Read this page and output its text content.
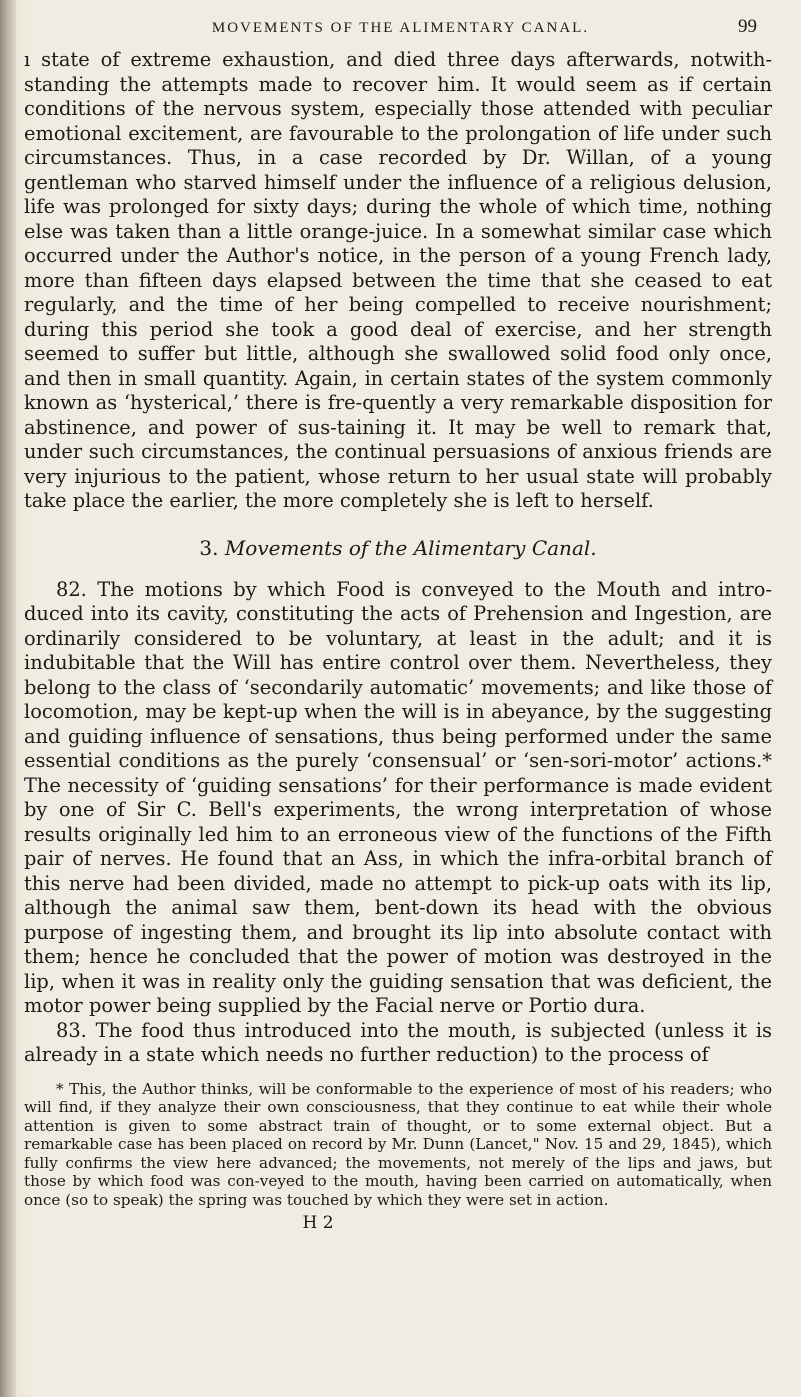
MOVEMENTS OF THE ALIMENTARY CANAL.	99

ı state of extreme exhaustion, and died three days afterwards, notwith-standing the attempts made to recover him. It would seem as if certain conditions of the nervous system, especially those attended with peculiar emotional excitement, are favourable to the prolongation of life under such circumstances. Thus, in a case recorded by Dr. Willan, of a young gentleman who starved himself under the influence of a religious delusion, life was prolonged for sixty days; during the whole of which time, nothing else was taken than a little orange-juice. In a somewhat similar case which occurred under the Author's notice, in the person of a young French lady, more than fifteen days elapsed between the time that she ceased to eat regularly, and the time of her being compelled to receive nourishment; during this period she took a good deal of exercise, and her strength seemed to suffer but little, although she swallowed solid food only once, and then in small quantity. Again, in certain states of the system commonly known as ‘hysterical,’ there is fre-quently a very remarkable disposition for abstinence, and power of sus-taining it. It may be well to remark that, under such circumstances, the continual persuasions of anxious friends are very injurious to the patient, whose return to her usual state will probably take place the earlier, the more completely she is left to herself.

3. Movements of the Alimentary Canal.

82. The motions by which Food is conveyed to the Mouth and intro-duced into its cavity, constituting the acts of Prehension and Ingestion, are ordinarily considered to be voluntary, at least in the adult; and it is indubitable that the Will has entire control over them. Nevertheless, they belong to the class of ‘secondarily automatic’ movements; and like those of locomotion, may be kept-up when the will is in abeyance, by the suggesting and guiding influence of sensations, thus being performed under the same essential conditions as the purely ‘consensual’ or ‘sen-sori-motor’ actions.* The necessity of ‘guiding sensations’ for their performance is made evident by one of Sir C. Bell's experiments, the wrong interpretation of whose results originally led him to an erroneous view of the functions of the Fifth pair of nerves. He found that an Ass, in which the infra-orbital branch of this nerve had been divided, made no attempt to pick-up oats with its lip, although the animal saw them, bent-down its head with the obvious purpose of ingesting them, and brought its lip into absolute contact with them; hence he concluded that the power of motion was destroyed in the lip, when it was in reality only the guiding sensation that was deficient, the motor power being supplied by the Facial nerve or Portio dura.

83. The food thus introduced into the mouth, is subjected (unless it is already in a state which needs no further reduction) to the process of

* This, the Author thinks, will be conformable to the experience of most of his readers; who will find, if they analyze their own consciousness, that they continue to eat while their whole attention is given to some abstract train of thought, or to some external object. But a remarkable case has been placed on record by Mr. Dunn (Lancet," Nov. 15 and 29, 1845), which fully confirms the view here advanced; the movements, not merely of the lips and jaws, but those by which food was con-veyed to the mouth, having been carried on automatically, when once (so to speak) the spring was touched by which they were set in action.

H 2
